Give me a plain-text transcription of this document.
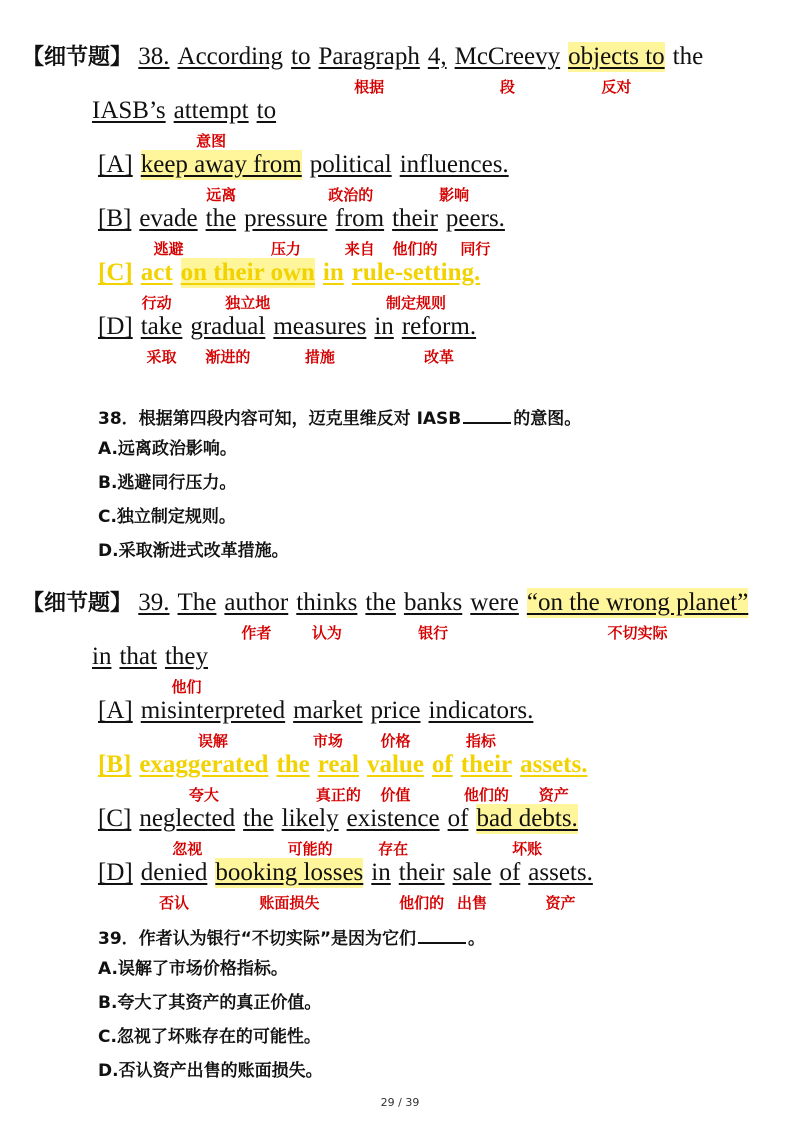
【细节题】 38. According to Paragraph
根据
4, McCreevy
段
objects to
反对
the
IASB’s attempt
意图
to
[A] keep away from
远离
political
政治的
influences.
影响
[B] evade
逃避
the pressure
压力
from
来自
their
他们的
peers.
同行
[C] act
行动
on their own
独立地
in rule-setting.
制定规则
[D] take
采取
gradual
渐进的
measures
措施
in reform.
改革
38．根据第四段内容可知，迈克里维反对 IASB	的意图。
A.远离政治影响。
B.逃避同行压力。
C.独立制定规则。
D.采取渐进式改革措施。
【细节题】 39. The author
作者
thinks
认为
the banks
银行
were “on the wrong planet”
不切实际
in that they
他们
[A] misinterpreted
误解
market
市场
price
价格
indicators.
指标
[B] exaggerated
夸大
the real
真正的
value
价值
of their
他们的
assets.
资产
[C] neglected
忽视
the likely
可能的
existence
存在
of bad debts.
坏账
[D] denied
否认
booking losses
账面损失
in their
他们的
sale
出售
of assets.
资产
39．作者认为银行“不切实际”是因为它们	。
A.误解了市场价格指标。
B.夸大了其资产的真正价值。
C.忽视了坏账存在的可能性。
D.否认资产出售的账面损失。
29 / 39
